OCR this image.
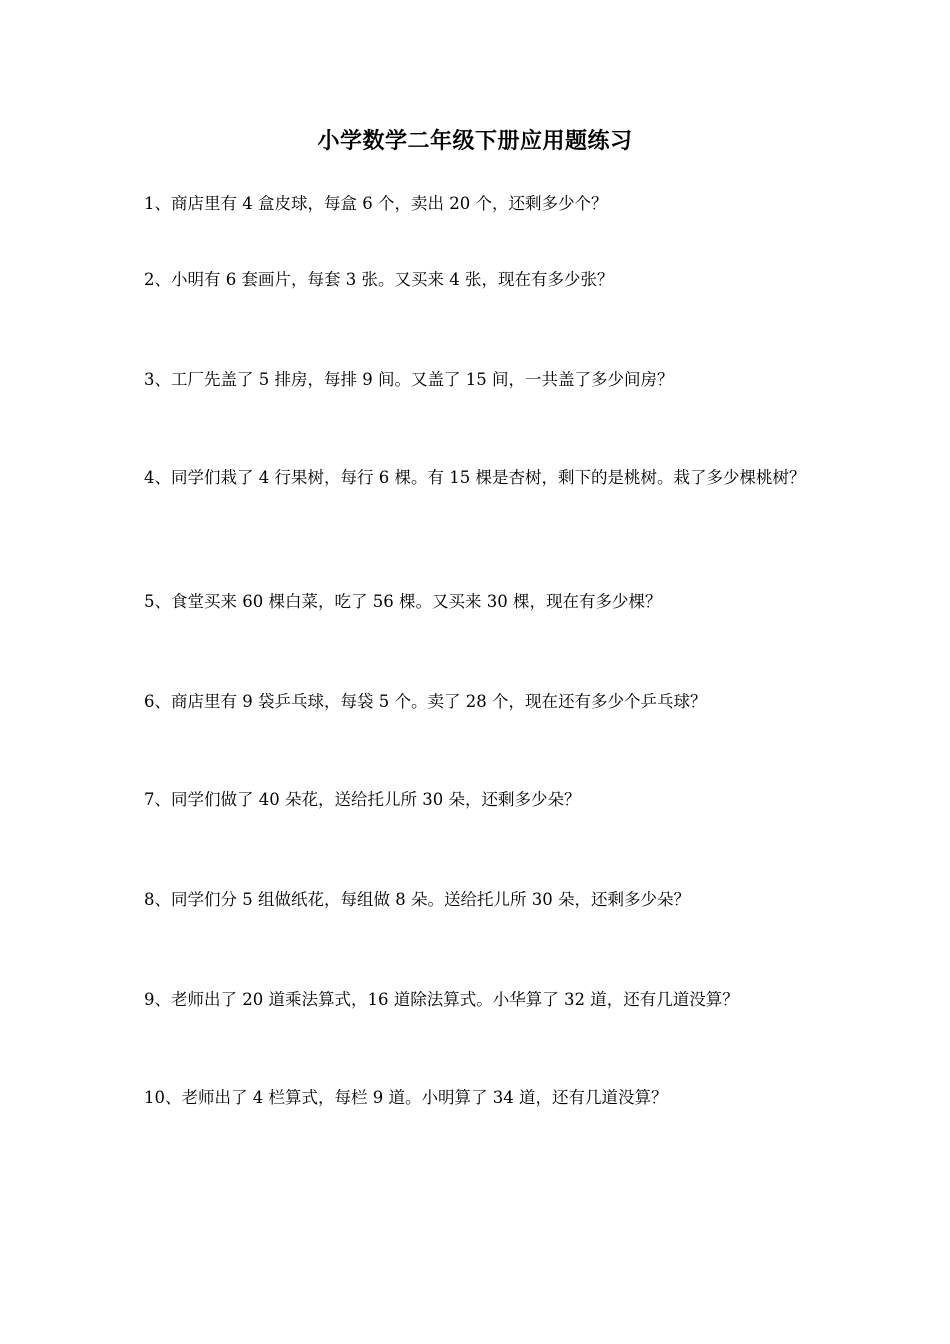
小学数学二年级下册应用题练习
1、商店里有 4 盒皮球，每盒 6 个，卖出 20 个，还剩多少个？
2、小明有 6 套画片，每套 3 张。又买来 4 张，现在有多少张？
3、工厂先盖了 5 排房，每排 9 间。又盖了 15 间，一共盖了多少间房？
4、同学们栽了 4 行果树，每行 6 棵。有 15 棵是杏树，剩下的是桃树。栽了多少棵桃树？
5、食堂买来 60 棵白菜，吃了 56 棵。又买来 30 棵，现在有多少棵？
6、商店里有 9 袋乒乓球，每袋 5 个。卖了 28 个，现在还有多少个乒乓球？
7、同学们做了 40 朵花，送给托儿所 30 朵，还剩多少朵？
8、同学们分 5 组做纸花，每组做 8 朵。送给托儿所 30 朵，还剩多少朵？
9、老师出了 20 道乘法算式，16 道除法算式。小华算了 32 道，还有几道没算？
10、老师出了 4 栏算式，每栏 9 道。小明算了 34 道，还有几道没算？
